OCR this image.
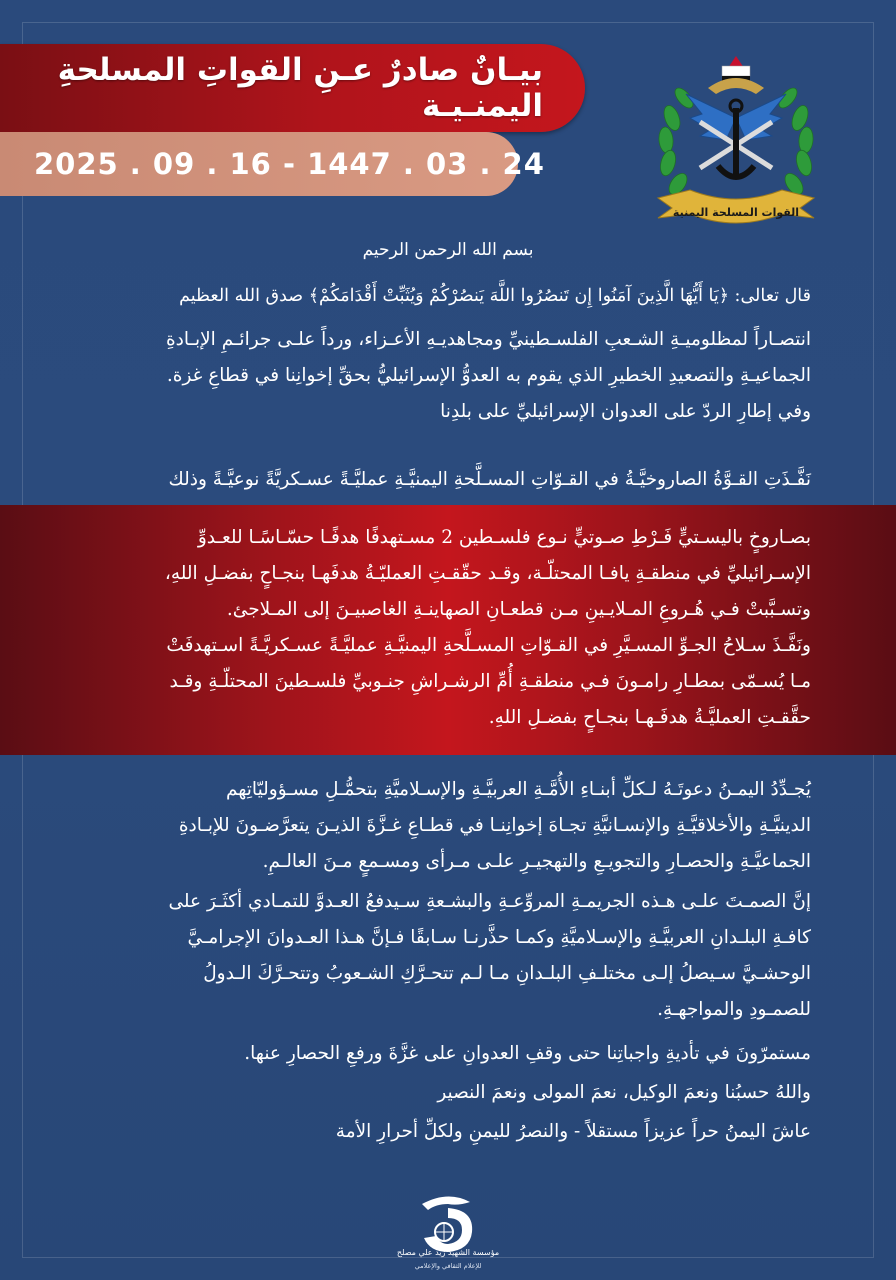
بيـانٌ صادرٌ عـنِ القواتِ المسلحةِ اليمنـيـة
2025 . 09 . 16 - 1447 . 03 . 24
القوات المسلحة اليمنية
بسم الله الرحمن الرحيم
قال تعالى: ﴿يَا أَيُّهَا الَّذِينَ آمَنُوا إِن تَنصُرُوا اللَّهَ يَنصُرْكُمْ وَيُثَبِّتْ أَقْدَامَكُمْ﴾ صدق الله العظيم
انتصـاراً لمظلوميـةِ الشـعبِ الفلسـطينيِّ ومجاهديـهِ الأعـزاء، ورداً علـى جرائـمِ الإبـادةِ
الجماعيـةِ والتصعيدِ الخطيرِ الذي يقوم به العدوُّ الإسرائيليُّ بحقِّ إخوانِنا في قطاعِ غزة.
وفي إطارِ الردّ على العدوان الإسرائيليِّ على بلدِنا
نَفَّـذَتِ القـوَّةُ الصاروخيَّـةُ في القـوّاتِ المسـلَّحةِ اليمنيَّـةِ عمليَّـةً عسـكريَّةً نوعيَّـةً وذلك
بصـاروخٍ باليسـتيٍّ فَـرْطِ صـوتيٍّ نـوع فلسـطين 2 مسـتهدفًا هدفًـا حسّـاسًـا للعـدوِّ
الإسـرائيليِّ في منطقـةِ يافـا المحتلّـة، وقـد حقّقـتِ العمليّـةُ هدفَهـا بنجـاحٍ بفضـلِ اللهِ،
وتسـبَّبتْ فـي هُـروعِ المـلايـينِ مـن قطعـانِ الصهاينـةِ الغاصبيـنَ إلى المـلاجئ.
ونَفَّـذَ سـلاحُ الجـوِّ المسـيَّرِ في القـوّاتِ المسـلَّحةِ اليمنيَّـةِ عمليَّـةً عسـكريَّـةً اسـتهدفَتْ
مـا يُسـمّى بمطـارِ رامـونَ فـي منطقـةِ أُمِّ الرشـراشِ جنـوبيِّ فلسـطينَ المحتلّـةِ وقـد
حقَّقـتِ العمليَّـةُ هدفَـهـا بنجـاحٍ بفضـلِ اللهِ.
يُجـدِّدُ اليمـنُ دعوتَـهُ لـكلِّ أبنـاءِ الأُمَّـةِ العربيَّـةِ والإسـلاميَّةِ بتحمُّـلِ مسـؤوليّاتِهم
الدينيَّـةِ والأخلاقيَّـةِ والإنسـانيَّةِ تجـاهَ إخوانِنـا في قطـاعِ غـزَّةَ الذيـنَ يتعرَّضـونَ للإبـادةِ
الجماعيَّـةِ والحصـارِ والتجويـعِ والتهجيـرِ علـى مـرأى ومسـمعٍ مـنَ العالـمِ.
إنَّ الصمـتَ علـى هـذه الجريمـةِ المروِّعـةِ والبشـعةِ سـيدفعُ العـدوَّ للتمـادي أكثَـرَ على
كافـةِ البلـدانِ العربيَّـةِ والإسـلاميَّةِ وكمـا حذَّرنـا سـابقًا فـإنَّ هـذا العـدوانَ الإجرامـيَّ
الوحشـيَّ سـيصلُ إلـى مختلـفِ البلـدانِ مـا لـم تتحـرَّكِ الشـعوبُ وتتحـرَّكَ الـدولُ
للصمـودِ والمواجهـةِ.
مستمرّونَ في تأديةِ واجباتِنا حتى وقفِ العدوانِ على غزَّةَ ورفعِ الحصارِ عنها.
واللهُ حسبُنا ونعمَ الوكيل، نعمَ المولى ونعمَ النصير
عاشَ اليمنُ حراً عزيزاً مستقلاً - والنصرُ لليمنِ ولكلِّ أحرارِ الأمة
مؤسسة الشهيد زيد علي مصلح
للإعلام الثقافي والإعلامي
